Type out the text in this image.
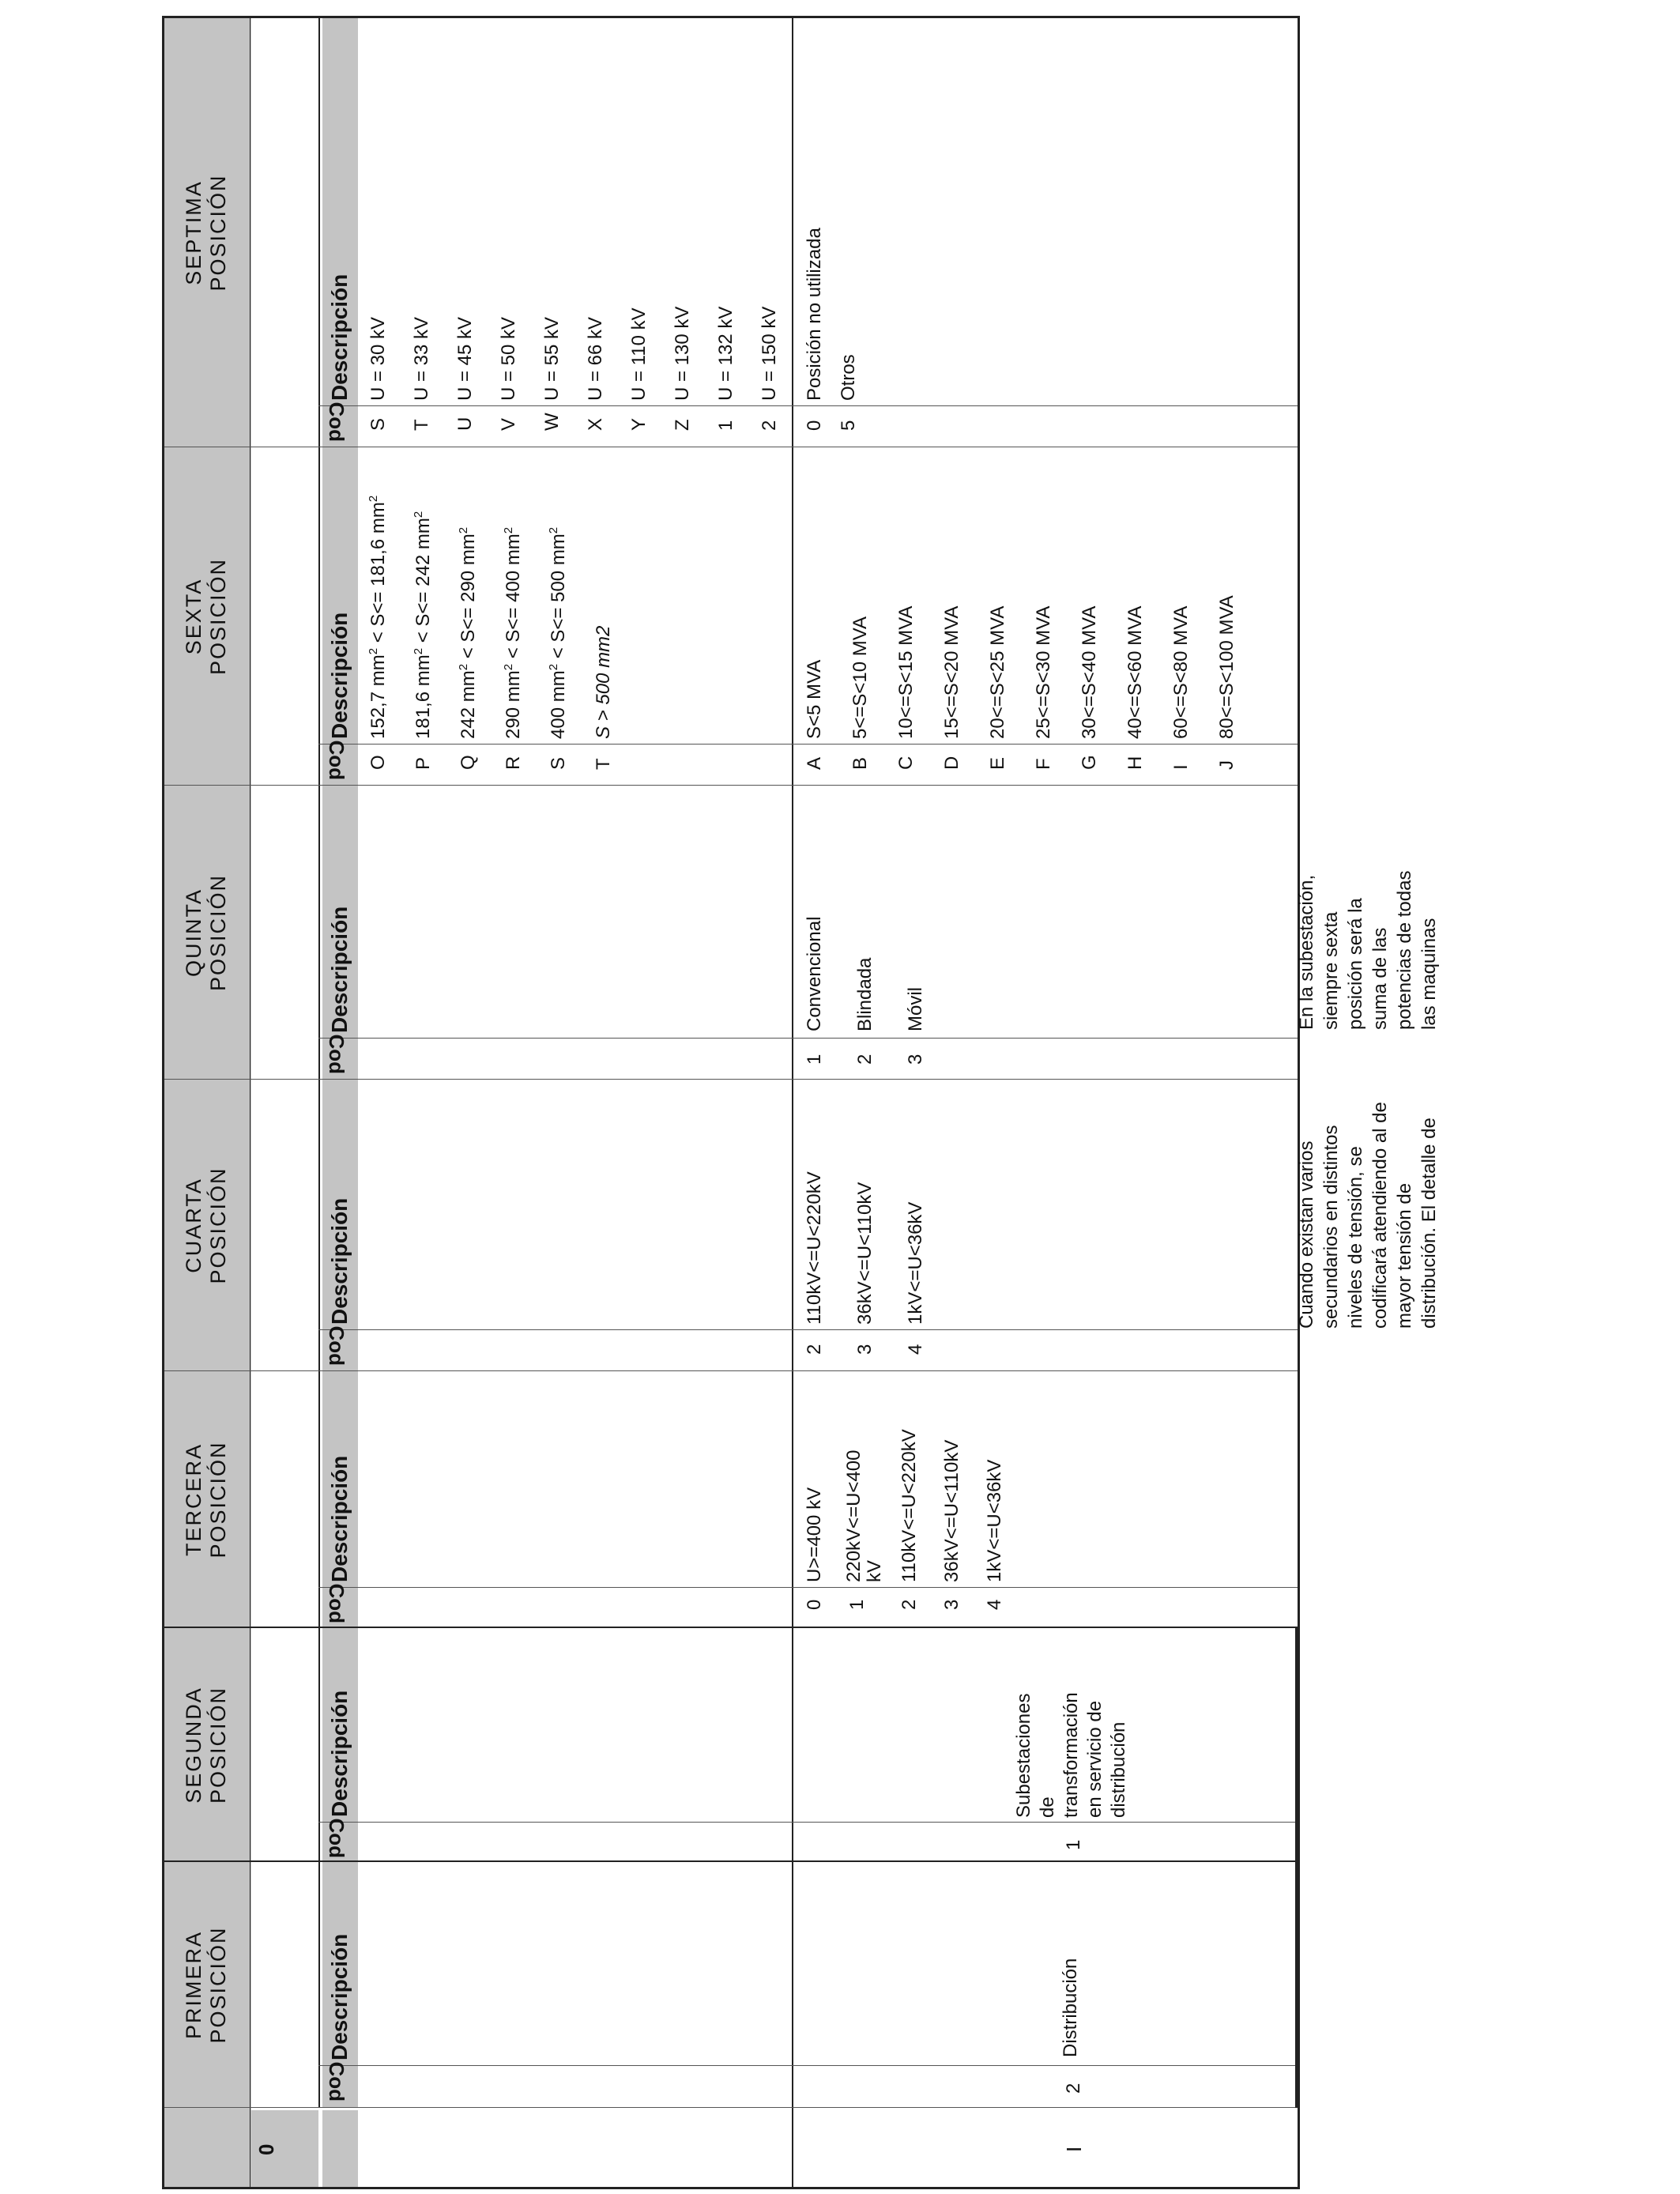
PRIMERA
POSICIÓN
SEGUNDA
POSICIÓN
TERCERA
POSICIÓN
CUARTA
POSICIÓN
QUINTA
POSICIÓN
SEXTA
POSICIÓN
SEPTIMA
POSICIÓN
Cod
Cod
Cod
Cod
Cod
Cod
Cod
Descripción
Descripción
Descripción
Descripción
Descripción
Descripción
Descripción
0	I
2
Distribución
1
Subestaciones de transformación en servicio de distribución
Cuando existan varios secundarios en distintos niveles de tensión, se codificará atendiendo al de mayor tensión de distribución. El detalle de
En la subestación, siempre sexta posición será la suma de las potencias de todas las maquinas
0
U>=400 kV
1
220kV<=U<400 kV
2
110kV<=U<220kV
3
36kV<=U<110kV
4
1kV<=U<36kV
2
110kV<=U<220kV
3
36kV<=U<110kV
4
1kV<=U<36kV
1
Convencional
2
Blindada
3
Móvil
O
152,7 $mm^2 < S<= 181,6$ $mm^2$
P
181,6 $mm^2 < S<= 242$ $mm^2$
Q
242 $mm^2 < S<= 290$ $mm^2$
R
290 $mm^2 < S<= 400$ $mm^2$
S
400 $mm^2 < S<= 500$ $mm^2$
T
S > 500 mm2
A
S<5 MVA
B
5<=S<10 MVA
C
10<=S<15 MVA
D
15<=S<20 MVA
E
20<=S<25 MVA
F
25<=S<30 MVA
G
30<=S<40 MVA
H
40<=S<60 MVA
I
60<=S<80 MVA
J
80<=S<100 MVA
S
U = 30 kV
T
U = 33 kV
U
U = 45 kV
V
U = 50 kV
W
U = 55 kV
X
U = 66 kV
Y
U = 110 kV
Z
U = 130 kV
1
U = 132 kV
2
U = 150 kV
5
Otros
0
Posición no utilizada
